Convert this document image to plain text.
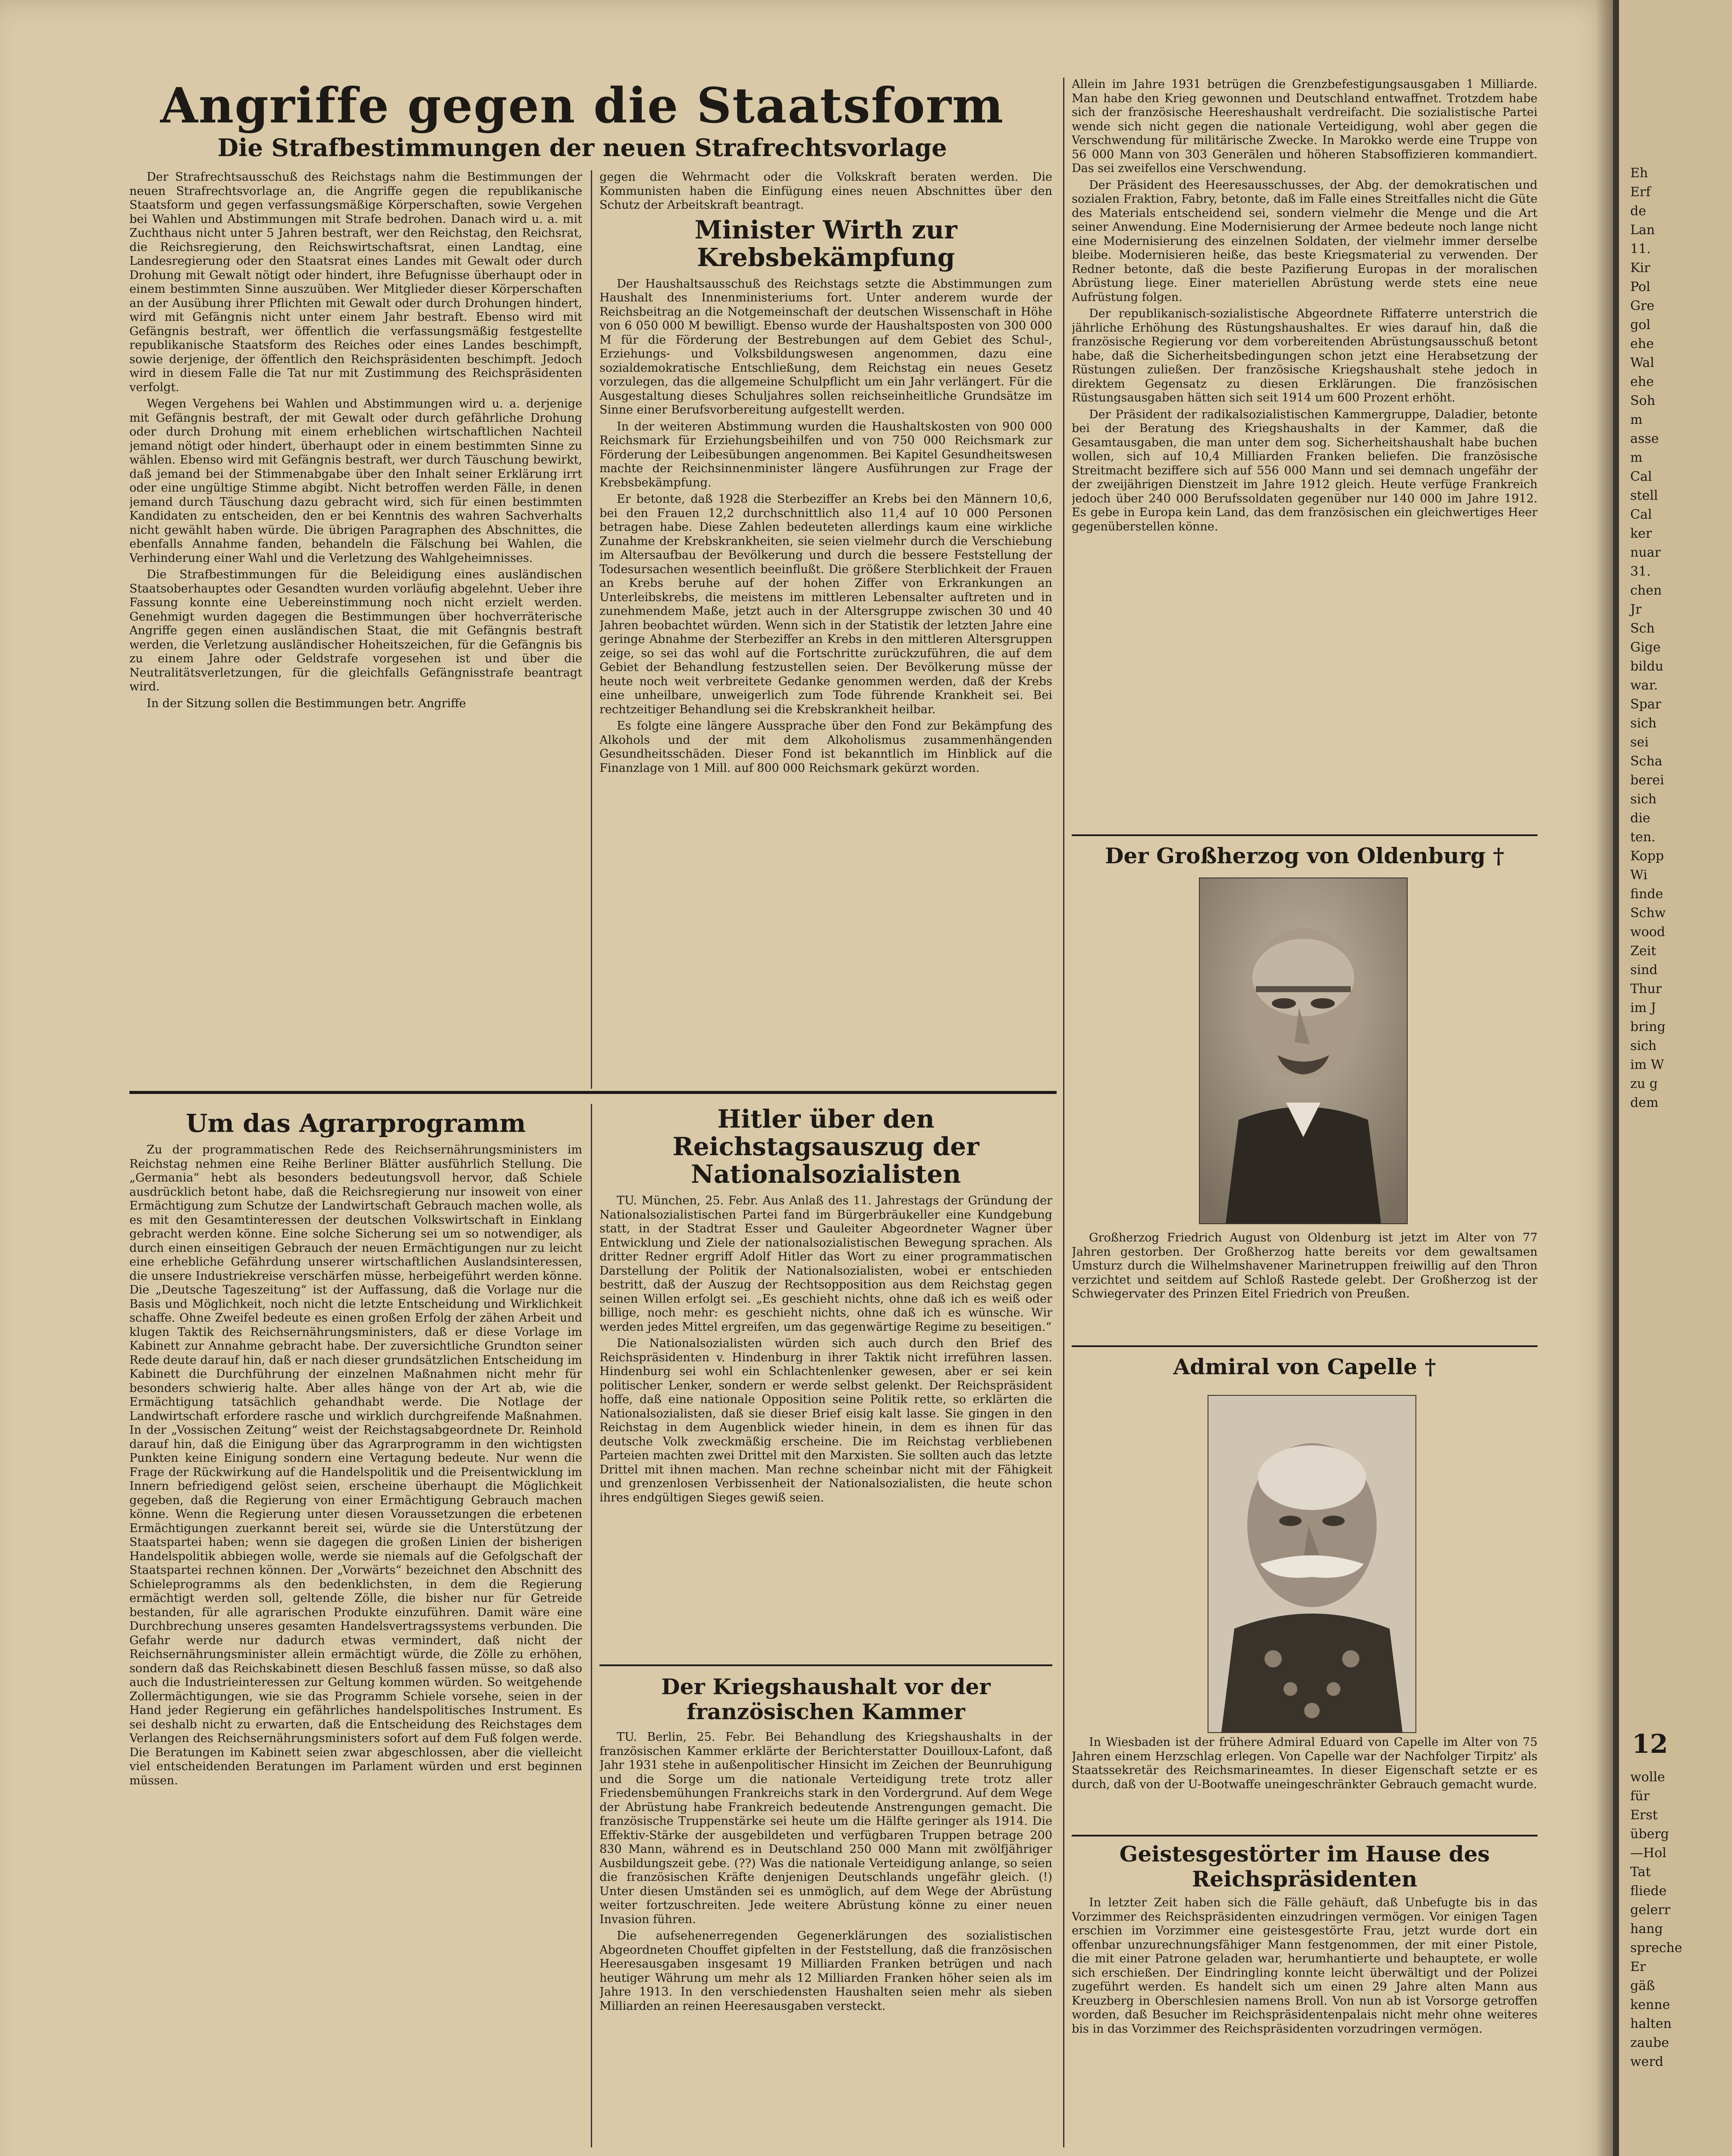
Angriffe gegen die Staatsform
Die Strafbestimmungen der neuen Strafrechtsvorlage

Der Strafrechtsausschuß des Reichstags nahm die Bestimmungen der neuen Strafrechtsvorlage an, die Angriffe gegen die republikanische Staatsform und gegen verfassungsmäßige Körperschaften, sowie Vergehen bei Wahlen und Abstimmungen mit Strafe bedrohen. Danach wird u. a. mit Zuchthaus nicht unter 5 Jahren bestraft, wer den Reichstag, den Reichsrat, die Reichsregierung, den Reichswirtschaftsrat, einen Landtag, eine Landesregierung oder den Staatsrat eines Landes mit Gewalt oder durch Drohung mit Gewalt nötigt oder hindert, ihre Befugnisse überhaupt oder in einem bestimmten Sinne auszuüben. Wer Mitglieder dieser Körperschaften an der Ausübung ihrer Pflichten mit Gewalt oder durch Drohungen hindert, wird mit Gefängnis nicht unter einem Jahr bestraft. Ebenso wird mit Gefängnis bestraft, wer öffentlich die verfassungsmäßig festgestellte republikanische Staatsform des Reiches oder eines Landes beschimpft, sowie derjenige, der öffentlich den Reichspräsidenten beschimpft. Jedoch wird in diesem Falle die Tat nur mit Zustimmung des Reichspräsidenten verfolgt.

Wegen Vergehens bei Wahlen und Abstimmungen wird u. a. derjenige mit Gefängnis bestraft, der mit Gewalt oder durch gefährliche Drohung oder durch Drohung mit einem erheblichen wirtschaftlichen Nachteil jemand nötigt oder hindert, überhaupt oder in einem bestimmten Sinne zu wählen. Ebenso wird mit Gefängnis bestraft, wer durch Täuschung bewirkt, daß jemand bei der Stimmenabgabe über den Inhalt seiner Erklärung irrt oder eine ungültige Stimme abgibt. Nicht betroffen werden Fälle, in denen jemand durch Täuschung dazu gebracht wird, sich für einen bestimmten Kandidaten zu entscheiden, den er bei Kenntnis des wahren Sachverhalts nicht gewählt haben würde. Die übrigen Paragraphen des Abschnittes, die ebenfalls Annahme fanden, behandeln die Fälschung bei Wahlen, die Verhinderung einer Wahl und die Verletzung des Wahlgeheimnisses.

Die Strafbestimmungen für die Beleidigung eines ausländischen Staatsoberhauptes oder Gesandten wurden vorläufig abgelehnt. Ueber ihre Fassung konnte eine Uebereinstimmung noch nicht erzielt werden. Genehmigt wurden dagegen die Bestimmungen über hochverräterische Angriffe gegen einen ausländischen Staat, die mit Gefängnis bestraft werden, die Verletzung ausländischer Hoheitszeichen, für die Gefängnis bis zu einem Jahre oder Geldstrafe vorgesehen ist und über die Neutralitätsverletzungen, für die gleichfalls Gefängnisstrafe beantragt wird.

In der Sitzung sollen die Bestimmungen betr. Angriffe

gegen die Wehrmacht oder die Volkskraft beraten werden. Die Kommunisten haben die Einfügung eines neuen Abschnittes über den Schutz der Arbeitskraft beantragt.

Minister Wirth zur Krebsbekämpfung

Der Haushaltsausschuß des Reichstags setzte die Abstimmungen zum Haushalt des Innenministeriums fort. Unter anderem wurde der Reichsbeitrag an die Notgemeinschaft der deutschen Wissenschaft in Höhe von 6 050 000 M bewilligt. Ebenso wurde der Haushaltsposten von 300 000 M für die Förderung der Bestrebungen auf dem Gebiet des Schul-, Erziehungs- und Volksbildungswesen angenommen, dazu eine sozialdemokratische Entschließung, dem Reichstag ein neues Gesetz vorzulegen, das die allgemeine Schulpflicht um ein Jahr verlängert. Für die Ausgestaltung dieses Schuljahres sollen reichseinheitliche Grundsätze im Sinne einer Berufsvorbereitung aufgestellt werden.

In der weiteren Abstimmung wurden die Haushaltskosten von 900 000 Reichsmark für Erziehungsbeihilfen und von 750 000 Reichsmark zur Förderung der Leibesübungen angenommen. Bei Kapitel Gesundheitswesen machte der Reichsinnenminister längere Ausführungen zur Frage der Krebsbekämpfung.

Er betonte, daß 1928 die Sterbeziffer an Krebs bei den Männern 10,6, bei den Frauen 12,2 durchschnittlich also 11,4 auf 10 000 Personen betragen habe. Diese Zahlen bedeuteten allerdings kaum eine wirkliche Zunahme der Krebskrankheiten, sie seien vielmehr durch die Verschiebung im Altersaufbau der Bevölkerung und durch die bessere Feststellung der Todesursachen wesentlich beeinflußt. Die größere Sterblichkeit der Frauen an Krebs beruhe auf der hohen Ziffer von Erkrankungen an Unterleibskrebs, die meistens im mittleren Lebensalter auftreten und in zunehmendem Maße, jetzt auch in der Altersgruppe zwischen 30 und 40 Jahren beobachtet würden. Wenn sich in der Statistik der letzten Jahre eine geringe Abnahme der Sterbeziffer an Krebs in den mittleren Altersgruppen zeige, so sei das wohl auf die Fortschritte zurückzuführen, die auf dem Gebiet der Behandlung festzustellen seien. Der Bevölkerung müsse der heute noch weit verbreitete Gedanke genommen werden, daß der Krebs eine unheilbare, unweigerlich zum Tode führende Krankheit sei. Bei rechtzeitiger Behandlung sei die Krebskrankheit heilbar.

Es folgte eine längere Aussprache über den Fond zur Bekämpfung des Alkohols und der mit dem Alkoholismus zusammenhängenden Gesundheitsschäden. Dieser Fond ist bekanntlich im Hinblick auf die Finanzlage von 1 Mill. auf 800 000 Reichsmark gekürzt worden.

Allein im Jahre 1931 betrügen die Grenzbefestigungsausgaben 1 Milliarde. Man habe den Krieg gewonnen und Deutschland entwaffnet. Trotzdem habe sich der französische Heereshaushalt verdreifacht. Die sozialistische Partei wende sich nicht gegen die nationale Verteidigung, wohl aber gegen die Verschwendung für militärische Zwecke. In Marokko werde eine Truppe von 56 000 Mann von 303 Generälen und höheren Stabsoffizieren kommandiert. Das sei zweifellos eine Verschwendung.

Der Präsident des Heeresausschusses, der Abg. der demokratischen und sozialen Fraktion, Fabry, betonte, daß im Falle eines Streitfalles nicht die Güte des Materials entscheidend sei, sondern vielmehr die Menge und die Art seiner Anwendung. Eine Modernisierung der Armee bedeute noch lange nicht eine Modernisierung des einzelnen Soldaten, der vielmehr immer derselbe bleibe. Modernisieren heiße, das beste Kriegsmaterial zu verwenden. Der Redner betonte, daß die beste Pazifierung Europas in der moralischen Abrüstung liege. Einer materiellen Abrüstung werde stets eine neue Aufrüstung folgen.

Der republikanisch-sozialistische Abgeordnete Riffaterre unterstrich die jährliche Erhöhung des Rüstungshaushaltes. Er wies darauf hin, daß die französische Regierung vor dem vorbereitenden Abrüstungsausschuß betont habe, daß die Sicherheitsbedingungen schon jetzt eine Herabsetzung der Rüstungen zuließen. Der französische Kriegshaushalt stehe jedoch in direktem Gegensatz zu diesen Erklärungen. Die französischen Rüstungsausgaben hätten sich seit 1914 um 600 Prozent erhöht.

Der Präsident der radikalsozialistischen Kammergruppe, Daladier, betonte bei der Beratung des Kriegshaushalts in der Kammer, daß die Gesamtausgaben, die man unter dem sog. Sicherheitshaushalt habe buchen wollen, sich auf 10,4 Milliarden Franken beliefen. Die französische Streitmacht beziffere sich auf 556 000 Mann und sei demnach ungefähr der der zweijährigen Dienstzeit im Jahre 1912 gleich. Heute verfüge Frankreich jedoch über 240 000 Berufssoldaten gegenüber nur 140 000 im Jahre 1912. Es gebe in Europa kein Land, das dem französischen ein gleichwertiges Heer gegenüberstellen könne.

Der Großherzog von Oldenburg †

Großherzog Friedrich August von Oldenburg ist jetzt im Alter von 77 Jahren gestorben. Der Großherzog hatte bereits vor dem gewaltsamen Umsturz durch die Wilhelmshavener Marinetruppen freiwillig auf den Thron verzichtet und seitdem auf Schloß Rastede gelebt. Der Großherzog ist der Schwiegervater des Prinzen Eitel Friedrich von Preußen.

Admiral von Capelle †

In Wiesbaden ist der frühere Admiral Eduard von Capelle im Alter von 75 Jahren einem Herzschlag erlegen. Von Capelle war der Nachfolger Tirpitz' als Staatssekretär des Reichsmarineamtes. In dieser Eigenschaft setzte er es durch, daß von der U-Bootwaffe uneingeschränkter Gebrauch gemacht wurde.

Geistesgestörter im Hause des Reichspräsidenten

In letzter Zeit haben sich die Fälle gehäuft, daß Unbefugte bis in das Vorzimmer des Reichspräsidenten einzudringen vermögen. Vor einigen Tagen erschien im Vorzimmer eine geistesgestörte Frau, jetzt wurde dort ein offenbar unzurechnungsfähiger Mann festgenommen, der mit einer Pistole, die mit einer Patrone geladen war, herumhantierte und behauptete, er wolle sich erschießen. Der Eindringling konnte leicht überwältigt und der Polizei zugeführt werden. Es handelt sich um einen 29 Jahre alten Mann aus Kreuzberg in Oberschlesien namens Broll. Von nun ab ist Vorsorge getroffen worden, daß Besucher im Reichspräsidentenpalais nicht mehr ohne weiteres bis in das Vorzimmer des Reichspräsidenten vorzudringen vermögen.

Um das Agrarprogramm

Zu der programmatischen Rede des Reichsernährungsministers im Reichstag nehmen eine Reihe Berliner Blätter ausführlich Stellung. Die „Germania“ hebt als besonders bedeutungsvoll hervor, daß Schiele ausdrücklich betont habe, daß die Reichsregierung nur insoweit von einer Ermächtigung zum Schutze der Landwirtschaft Gebrauch machen wolle, als es mit den Gesamtinteressen der deutschen Volkswirtschaft in Einklang gebracht werden könne. Eine solche Sicherung sei um so notwendiger, als durch einen einseitigen Gebrauch der neuen Ermächtigungen nur zu leicht eine erhebliche Gefährdung unserer wirtschaftlichen Auslandsinteressen, die unsere Industriekreise verschärfen müsse, herbeigeführt werden könne. Die „Deutsche Tageszeitung“ ist der Auffassung, daß die Vorlage nur die Basis und Möglichkeit, noch nicht die letzte Entscheidung und Wirklichkeit schaffe. Ohne Zweifel bedeute es einen großen Erfolg der zähen Arbeit und klugen Taktik des Reichsernährungsministers, daß er diese Vorlage im Kabinett zur Annahme gebracht habe. Der zuversichtliche Grundton seiner Rede deute darauf hin, daß er nach dieser grundsätzlichen Entscheidung im Kabinett die Durchführung der einzelnen Maßnahmen nicht mehr für besonders schwierig halte. Aber alles hänge von der Art ab, wie die Ermächtigung tatsächlich gehandhabt werde. Die Notlage der Landwirtschaft erfordere rasche und wirklich durchgreifende Maßnahmen. In der „Vossischen Zeitung“ weist der Reichstagsabgeordnete Dr. Reinhold darauf hin, daß die Einigung über das Agrarprogramm in den wichtigsten Punkten keine Einigung sondern eine Vertagung bedeute. Nur wenn die Frage der Rückwirkung auf die Handelspolitik und die Preisentwicklung im Innern befriedigend gelöst seien, erscheine überhaupt die Möglichkeit gegeben, daß die Regierung von einer Ermächtigung Gebrauch machen könne. Wenn die Regierung unter diesen Voraussetzungen die erbetenen Ermächtigungen zuerkannt bereit sei, würde sie die Unterstützung der Staatspartei haben; wenn sie dagegen die großen Linien der bisherigen Handelspolitik abbiegen wolle, werde sie niemals auf die Gefolgschaft der Staatspartei rechnen können. Der „Vorwärts“ bezeichnet den Abschnitt des Schieleprogramms als den bedenklichsten, in dem die Regierung ermächtigt werden soll, geltende Zölle, die bisher nur für Getreide bestanden, für alle agrarischen Produkte einzuführen. Damit wäre eine Durchbrechung unseres gesamten Handelsvertragssystems verbunden. Die Gefahr werde nur dadurch etwas vermindert, daß nicht der Reichsernährungsminister allein ermächtigt würde, die Zölle zu erhöhen, sondern daß das Reichskabinett diesen Beschluß fassen müsse, so daß also auch die Industrieinteressen zur Geltung kommen würden. So weitgehende Zollermächtigungen, wie sie das Programm Schiele vorsehe, seien in der Hand jeder Regierung ein gefährliches handelspolitisches Instrument. Es sei deshalb nicht zu erwarten, daß die Entscheidung des Reichstages dem Verlangen des Reichsernährungsministers sofort auf dem Fuß folgen werde. Die Beratungen im Kabinett seien zwar abgeschlossen, aber die vielleicht viel entscheidenden Beratungen im Parlament würden und erst beginnen müssen.

Hitler über den Reichstagsauszug der Nationalsozialisten

TU. München, 25. Febr. Aus Anlaß des 11. Jahrestags der Gründung der Nationalsozialistischen Partei fand im Bürgerbräukeller eine Kundgebung statt, in der Stadtrat Esser und Gauleiter Abgeordneter Wagner über Entwicklung und Ziele der nationalsozialistischen Bewegung sprachen. Als dritter Redner ergriff Adolf Hitler das Wort zu einer programmatischen Darstellung der Politik der Nationalsozialisten, wobei er entschieden bestritt, daß der Auszug der Rechtsopposition aus dem Reichstag gegen seinen Willen erfolgt sei. „Es geschieht nichts, ohne daß ich es weiß oder billige, noch mehr: es geschieht nichts, ohne daß ich es wünsche. Wir werden jedes Mittel ergreifen, um das gegenwärtige Regime zu beseitigen.“

Die Nationalsozialisten würden sich auch durch den Brief des Reichspräsidenten v. Hindenburg in ihrer Taktik nicht irreführen lassen. Hindenburg sei wohl ein Schlachtenlenker gewesen, aber er sei kein politischer Lenker, sondern er werde selbst gelenkt. Der Reichspräsident hoffe, daß eine nationale Opposition seine Politik rette, so erklärten die Nationalsozialisten, daß sie dieser Brief eisig kalt lasse. Sie gingen in den Reichstag in dem Augenblick wieder hinein, in dem es ihnen für das deutsche Volk zweckmäßig erscheine. Die im Reichstag verbliebenen Parteien machten zwei Drittel mit den Marxisten. Sie sollten auch das letzte Drittel mit ihnen machen. Man rechne scheinbar nicht mit der Fähigkeit und grenzenlosen Verbissenheit der Nationalsozialisten, die heute schon ihres endgültigen Sieges gewiß seien.

Der Kriegshaushalt vor der französischen Kammer

TU. Berlin, 25. Febr. Bei Behandlung des Kriegshaushalts in der französischen Kammer erklärte der Berichterstatter Douilloux-Lafont, daß Jahr 1931 stehe in außenpolitischer Hinsicht im Zeichen der Beunruhigung und die Sorge um die nationale Verteidigung trete trotz aller Friedensbemühungen Frankreichs stark in den Vordergrund. Auf dem Wege der Abrüstung habe Frankreich bedeutende Anstrengungen gemacht. Die französische Truppenstärke sei heute um die Hälfte geringer als 1914. Die Effektiv-Stärke der ausgebildeten und verfügbaren Truppen betrage 200 830 Mann, während es in Deutschland 250 000 Mann mit zwölfjähriger Ausbildungszeit gebe. (??) Was die nationale Verteidigung anlange, so seien die französischen Kräfte denjenigen Deutschlands ungefähr gleich. (!) Unter diesen Umständen sei es unmöglich, auf dem Wege der Abrüstung weiter fortzuschreiten. Jede weitere Abrüstung könne zu einer neuen Invasion führen.

Die aufsehenerregenden Gegenerklärungen des sozialistischen Abgeordneten Chouffet gipfelten in der Feststellung, daß die französischen Heeresausgaben insgesamt 19 Milliarden Franken betrügen und nach heutiger Währung um mehr als 12 Milliarden Franken höher seien als im Jahre 1913. In den verschiedensten Haushalten seien mehr als sieben Milliarden an reinen Heeresausgaben versteckt.

Eh
Erf
de
Lan
11.
Kir
Pol
Gre
gol
ehe
Wal
ehe
Soh
m
asse
m
Cal
stell
Cal
ker
nuar
31.
chen
Jr
Sch
Gige
bildu
war.
Spar
sich
sei
Scha
berei
sich
die
ten.
Kopp
Wi
finde
Schw
wood
Zeit
sind
Thur
im J
bring
sich
im W
zu g
dem
12
wolle
für
Erst
überg
—Hol
Tat
fliede
gelerr
hang
spreche
Er
gäß
kenne
halten
zaube
werd
